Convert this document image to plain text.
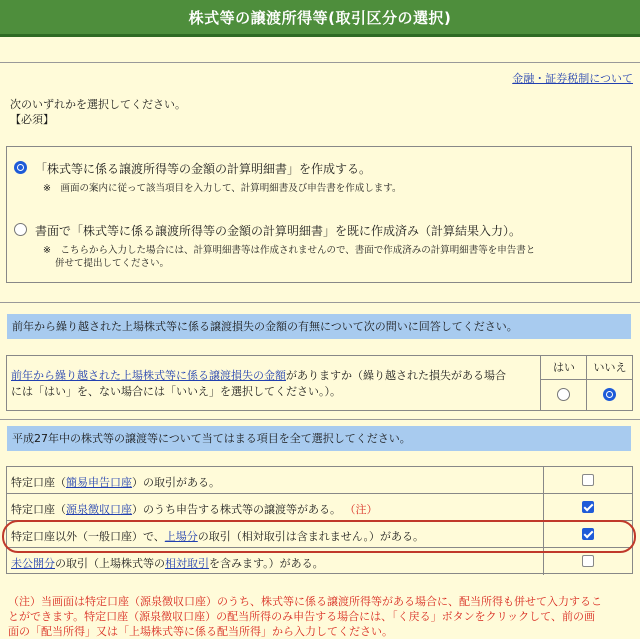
株式等の譲渡所得等(取引区分の選択)
金融・証券税制について
次のいずれかを選択してください。
【必須】
「株式等に係る譲渡所得等の金額の計算明細書」を作成する。
※　画面の案内に従って該当項目を入力して、計算明細書及び申告書を作成します。
書面で「株式等に係る譲渡所得等の金額の計算明細書」を既に作成済み（計算結果入力）。
※　こちらから入力した場合には、計算明細書等は作成されませんので、書面で作成済みの計算明細書等を申告書と
併せて提出してください。
前年から繰り越された上場株式等に係る譲渡損失の金額の有無について次の問いに回答してください。
前年から繰り越された上場株式等に係る譲渡損失の金額がありますか（繰り越された損失がある場合
には「はい」を、ない場合には「いいえ」を選択してください。）。
はい	いいえ
平成27年中の株式等の譲渡等について当てはまる項目を全て選択してください。
特定口座（簡易申告口座）の取引がある。
特定口座（源泉徴収口座）のうち申告する株式等の譲渡等がある。 （注）
特定口座以外（一般口座）で、上場分の取引（相対取引は含まれません。）がある。
未公開分の取引（上場株式等の相対取引を含みます。）がある。
（注）当画面は特定口座（源泉徴収口座）のうち、株式等に係る譲渡所得等がある場合に、配当所得も併せて入力するこ
とができます。特定口座（源泉徴収口座）の配当所得のみ申告する場合には、「く戻る」ボタンをクリックして、前の画
面の「配当所得」又は「上場株式等に係る配当所得」から入力してください。
